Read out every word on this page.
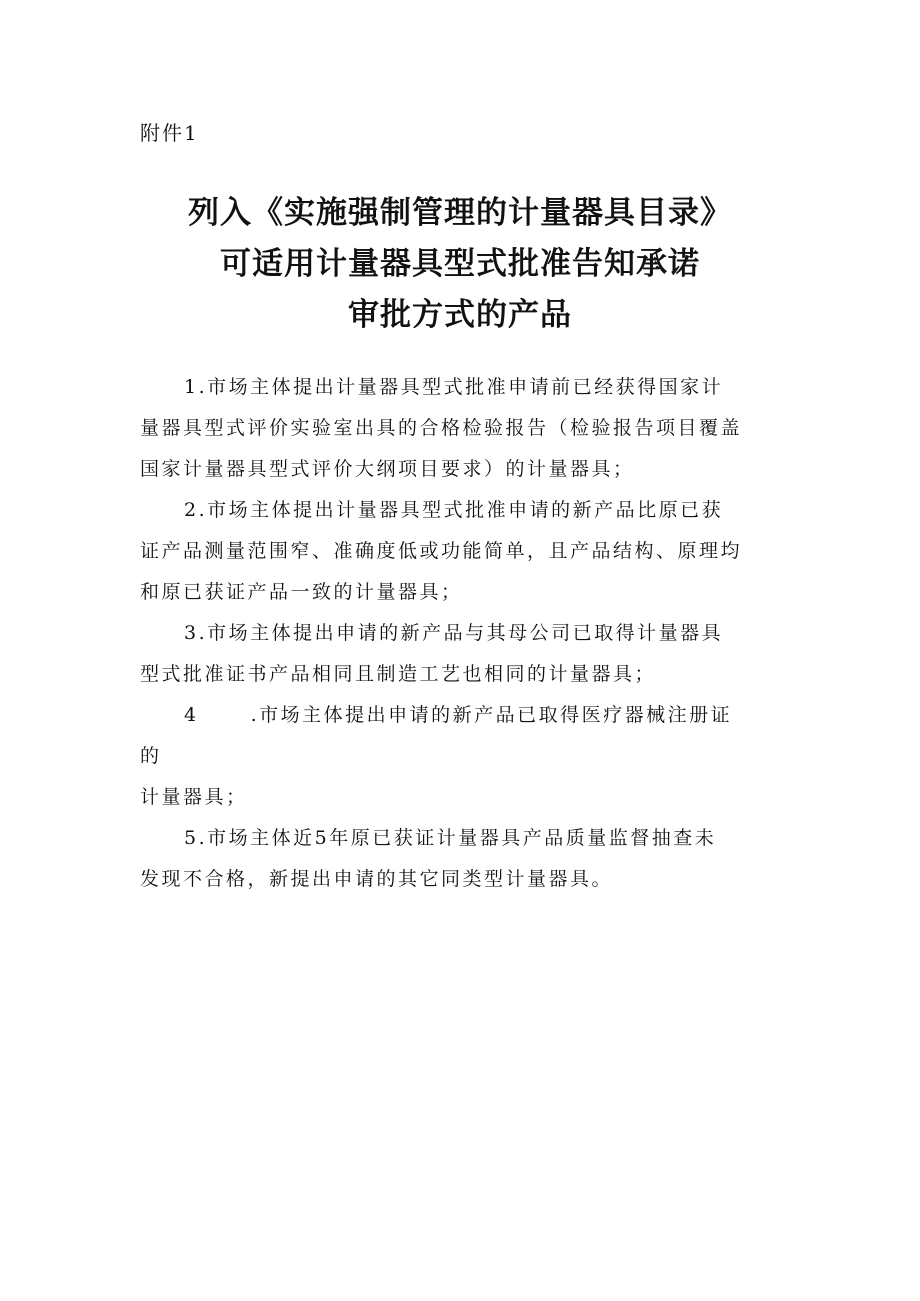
附件1
列入《实施强制管理的计量器具目录》
可适用计量器具型式批准告知承诺
审批方式的产品

1.市场主体提出计量器具型式批准申请前已经获得国家计

量器具型式评价实验室出具的合格检验报告（检验报告项目覆盖

国家计量器具型式评价大纲项目要求）的计量器具；

2.市场主体提出计量器具型式批准申请的新产品比原已获

证产品测量范围窄、准确度低或功能简单，且产品结构、原理均

和原已获证产品一致的计量器具；

3.市场主体提出申请的新产品与其母公司已取得计量器具

型式批准证书产品相同且制造工艺也相同的计量器具；

4	.市场主体提出申请的新产品已取得医疗器械注册证

的

计量器具；

5.市场主体近5年原已获证计量器具产品质量监督抽查未

发现不合格，新提出申请的其它同类型计量器具。
